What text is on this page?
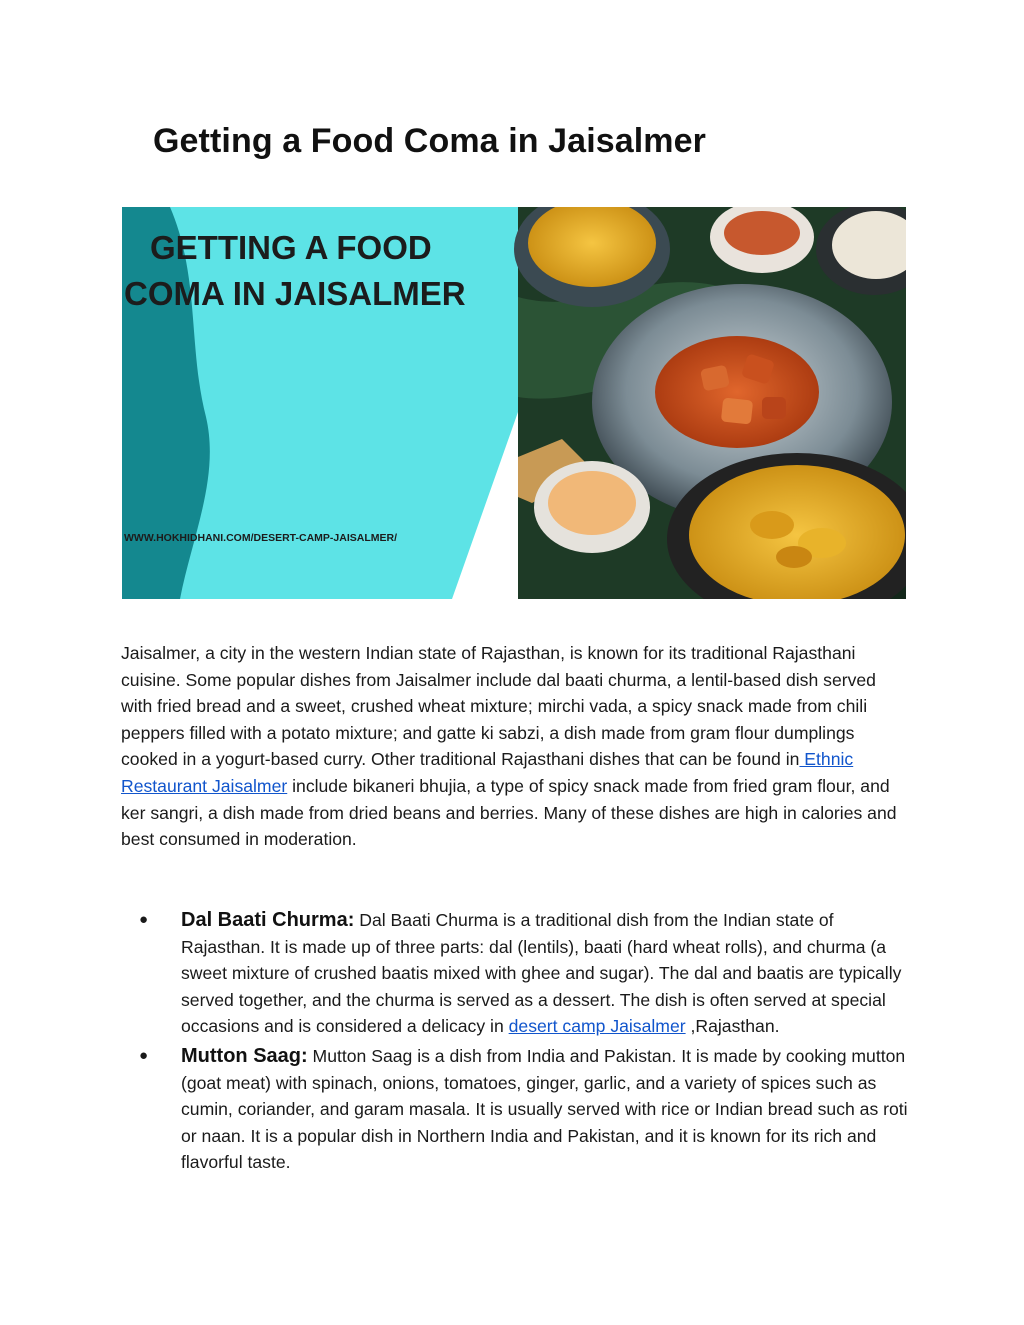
Getting a Food Coma in Jaisalmer
GETTING A FOOD
COMA IN JAISALMER
WWW.HOKHIDHANI.COM/DESERT-CAMP-JAISALMER/

Jaisalmer, a city in the western Indian state of Rajasthan, is known for its traditional Rajasthani cuisine. Some popular dishes from Jaisalmer include dal baati churma, a lentil-based dish served with fried bread and a sweet, crushed wheat mixture; mirchi vada, a spicy snack made from chili peppers filled with a potato mixture; and gatte ki sabzi, a dish made from gram flour dumplings cooked in a yogurt-based curry. Other traditional Rajasthani dishes that can be found in Ethnic Restaurant Jaisalmer include bikaneri bhujia, a type of spicy snack made from fried gram flour, and ker sangri, a dish made from dried beans and berries. Many of these dishes are high in calories and best consumed in moderation.

● Dal Baati Churma: Dal Baati Churma is a traditional dish from the Indian state of Rajasthan. It is made up of three parts: dal (lentils), baati (hard wheat rolls), and churma (a sweet mixture of crushed baatis mixed with ghee and sugar). The dal and baatis are typically served together, and the churma is served as a dessert. The dish is often served at special occasions and is considered a delicacy in desert camp Jaisalmer ,Rajasthan.
● Mutton Saag: Mutton Saag is a dish from India and Pakistan. It is made by cooking mutton (goat meat) with spinach, onions, tomatoes, ginger, garlic, and a variety of spices such as cumin, coriander, and garam masala. It is usually served with rice or Indian bread such as roti or naan. It is a popular dish in Northern India and Pakistan, and it is known for its rich and flavorful taste.
